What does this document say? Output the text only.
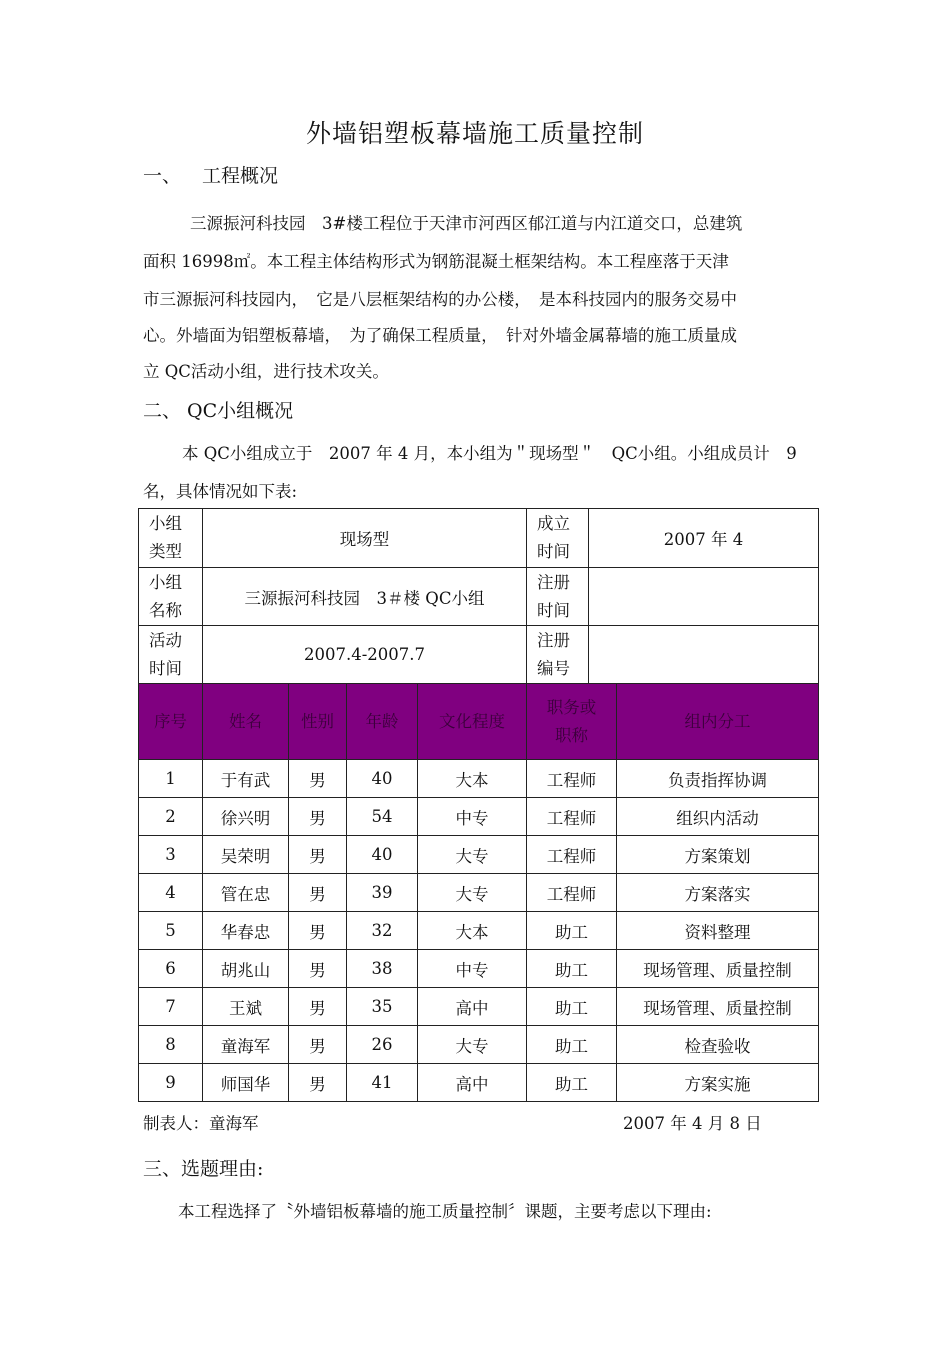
外墙铝塑板幕墙施工质量控制
一、 工程概况
三源振河科技园　3#楼工程位于天津市河西区郁江道与内江道交口，总建筑
面积 16998㎡。本工程主体结构形式为钢筋混凝土框架结构。本工程座落于天津
市三源振河科技园内，　它是八层框架结构的办公楼，　是本科技园内的服务交易中
心。外墙面为铝塑板幕墙，　为了确保工程质量，　针对外墙金属幕墙的施工质量成
立 QC活动小组，进行技术攻关。
二、 QC小组概况
本 QC小组成立于　2007 年 4 月，本小组为＂现场型＂　QC小组。小组成员计　9
名，具体情况如下表:
小组
类型	现场型	成立
时间	2007 年 4

小组
名称	三源振河科技园　3＃楼 QC小组	注册
时间	

活动
时间	2007.4-2007.7	注册
编号	

序号	姓名	性别	年龄	文化程度	职务或
职称	组内分工

1	于有武	男	40	大本	工程师	负责指挥协调
2	徐兴明	男	54	中专	工程师	组织内活动
3	吴荣明	男	40	大专	工程师	方案策划
4	管在忠	男	39	大专	工程师	方案落实
5	华春忠	男	32	大本	助工	资料整理
6	胡兆山	男	38	中专	助工	现场管理、质量控制
7	王斌	男	35	高中	助工	现场管理、质量控制
8	童海军	男	26	大专	助工	检查验收
9	师国华	男	41	高中	助工	方案实施
制表人：童海军	2007 年 4 月 8 日
三、选题理由:
本工程选择了〝外墙铝板幕墙的施工质量控制〞课题，主要考虑以下理由:
